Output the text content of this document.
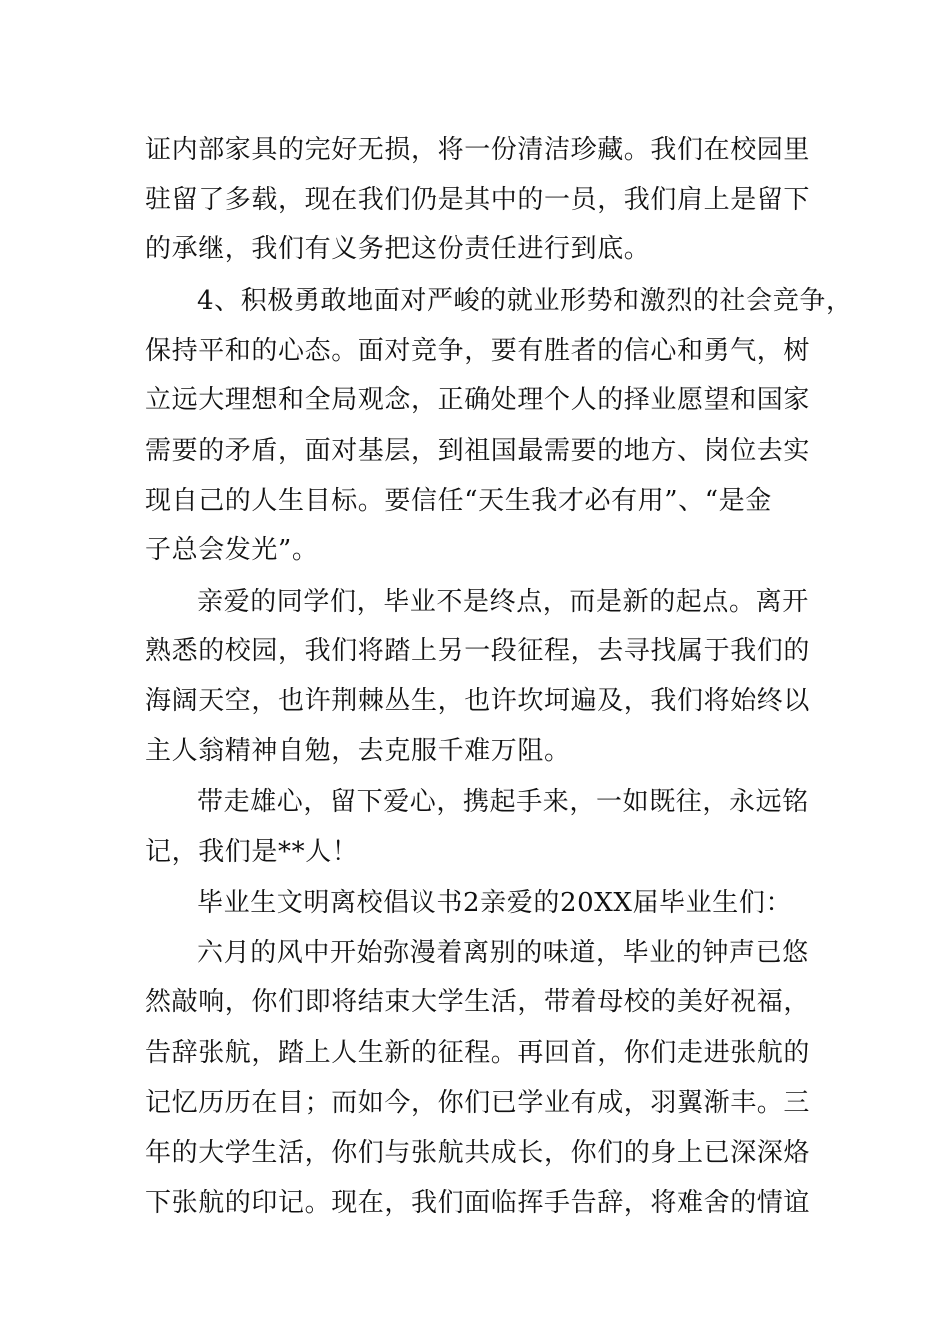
证内部家具的完好无损，将一份清洁珍藏。我们在校园里
驻留了多载，现在我们仍是其中的一员，我们肩上是留下
的承继，我们有义务把这份责任进行到底。
4、积极勇敢地面对严峻的就业形势和激烈的社会竞争，
保持平和的心态。面对竞争，要有胜者的信心和勇气，树
立远大理想和全局观念，正确处理个人的择业愿望和国家
需要的矛盾，面对基层，到祖国最需要的地方、岗位去实
现自己的人生目标。要信任“天生我才必有用”、“是金
子总会发光”。
亲爱的同学们，毕业不是终点，而是新的起点。离开
熟悉的校园，我们将踏上另一段征程，去寻找属于我们的
海阔天空，也许荆棘丛生，也许坎坷遍及，我们将始终以
主人翁精神自勉，去克服千难万阻。
带走雄心，留下爱心，携起手来，一如既往，永远铭
记，我们是**人！
毕业生文明离校倡议书2亲爱的20XX届毕业生们：
六月的风中开始弥漫着离别的味道，毕业的钟声已悠
然敲响，你们即将结束大学生活，带着母校的美好祝福，
告辞张航，踏上人生新的征程。再回首，你们走进张航的
记忆历历在目；而如今，你们已学业有成，羽翼渐丰。三
年的大学生活，你们与张航共成长，你们的身上已深深烙
下张航的印记。现在，我们面临挥手告辞，将难舍的情谊
